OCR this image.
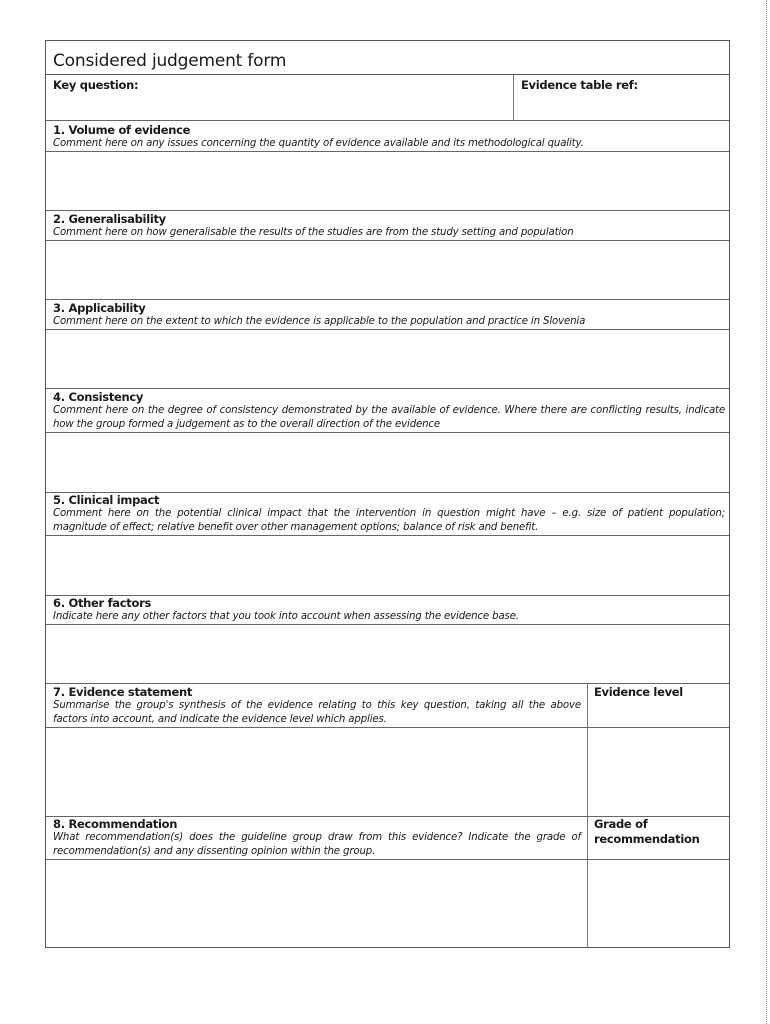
Considered judgement form
Key question:	Evidence table ref:
1. Volume of evidence
Comment here on any issues concerning the quantity of evidence available and its methodological quality.
2. Generalisability
Comment here on how generalisable the results of the studies are from the study setting and population
3. Applicability
Comment here on the extent to which the evidence is applicable to the population and practice in Slovenia
4. Consistency
Comment here on the degree of consistency demonstrated by the available of evidence. Where there are conflicting results, indicate how the group formed a judgement as to the overall direction of the evidence
5. Clinical impact
Comment here on the potential clinical impact that the intervention in question might have – e.g. size of patient population; magnitude of effect; relative benefit over other management options; balance of risk and benefit.
6. Other factors
Indicate here any other factors that you took into account when assessing the evidence base.
7. Evidence statement
Summarise the group's synthesis of the evidence relating to this key question, taking all the above factors into account, and indicate the evidence level which applies.
Evidence level
8. Recommendation
What recommendation(s) does the guideline group draw from this evidence? Indicate the grade of recommendation(s) and any dissenting opinion within the group.
Grade of recommendation
